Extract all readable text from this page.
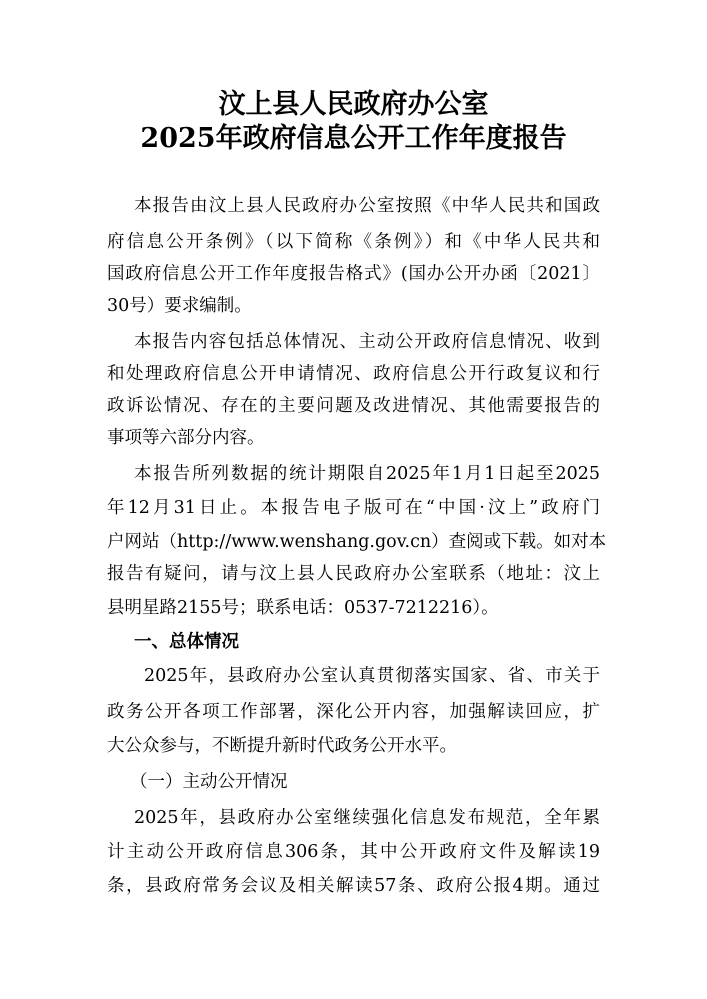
汶上县人民政府办公室
2025年政府信息公开工作年度报告
本报告由汶上县人民政府办公室按照《中华人民共和国政
府信息公开条例》（以下简称《条例》）和《中华人民共和
国政府信息公开工作年度报告格式》(国办公开办函〔2021〕
30号）要求编制。
本报告内容包括总体情况、主动公开政府信息情况、收到
和处理政府信息公开申请情况、政府信息公开行政复议和行
政诉讼情况、存在的主要问题及改进情况、其他需要报告的
事项等六部分内容。
本报告所列数据的统计期限自2025年1月1日起至2025
年12月31日止。本报告电子版可在“中国·汶上”政府门
户网站（http://www.wenshang.gov.cn）查阅或下载。如对本
报告有疑问，请与汶上县人民政府办公室联系（地址：汶上
县明星路2155号；联系电话：0537-7212216）。
一、总体情况
2025年，县政府办公室认真贯彻落实国家、省、市关于
政务公开各项工作部署，深化公开内容，加强解读回应，扩
大公众参与，不断提升新时代政务公开水平。
（一）主动公开情况
2025年，县政府办公室继续强化信息发布规范，全年累
计主动公开政府信息306条，其中公开政府文件及解读19
条，县政府常务会议及相关解读57条、政府公报4期。通过
